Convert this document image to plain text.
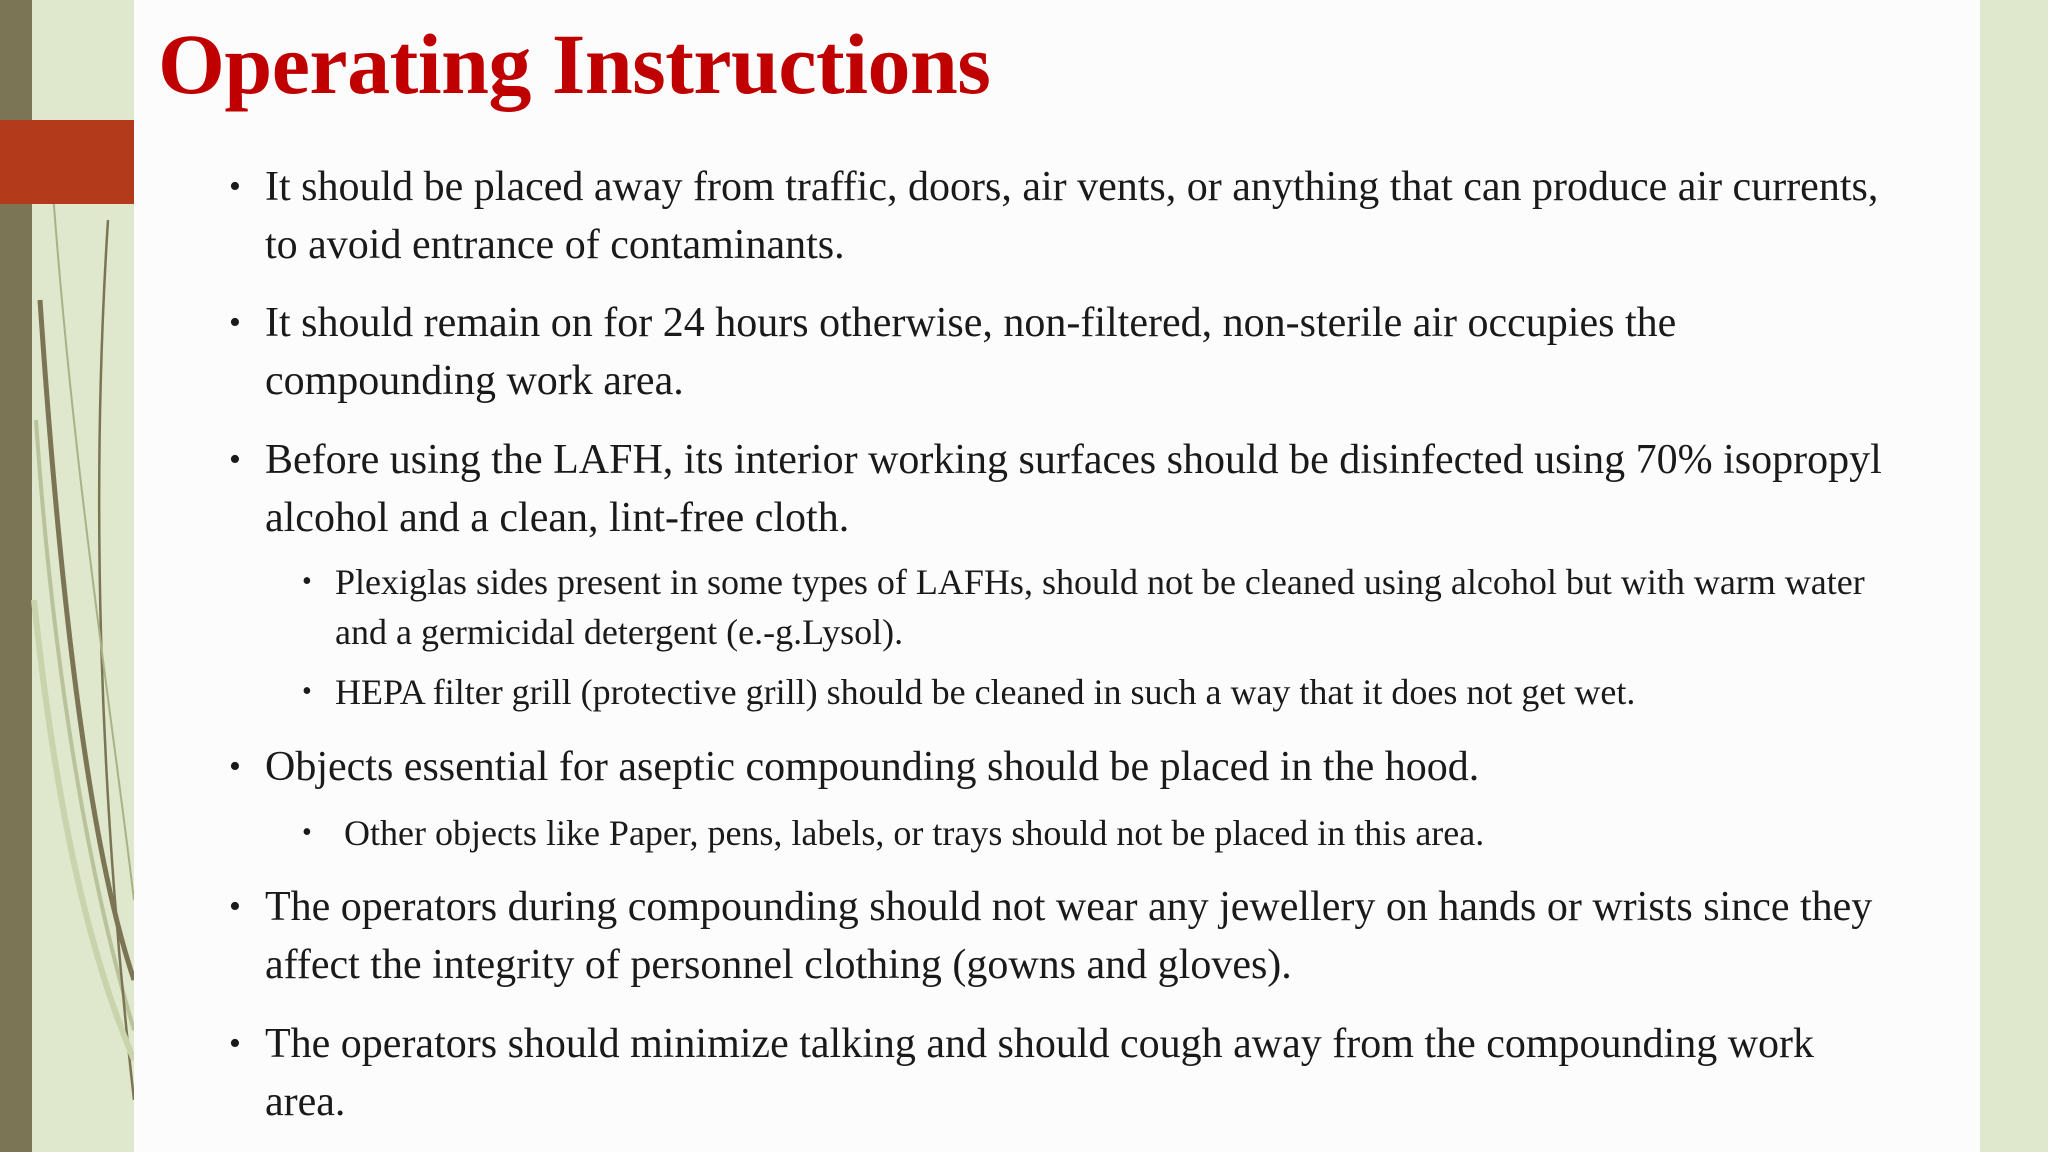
Operating Instructions
• It should be placed away from traffic, doors, air vents, or anything that can produce air currents,
to avoid entrance of contaminants.
• It should remain on for 24 hours otherwise, non-filtered, non-sterile air occupies the
compounding work area.
• Before using the LAFH, its interior working surfaces should be disinfected using 70% isopropyl
alcohol and a clean, lint-free cloth.
• Plexiglas sides present in some types of LAFHs, should not be cleaned using alcohol but with warm water
and a germicidal detergent (e.-g.Lysol).
• HEPA filter grill (protective grill) should be cleaned in such a way that it does not get wet.
• Objects essential for aseptic compounding should be placed in the hood.
• Other objects like Paper, pens, labels, or trays should not be placed in this area.
• The operators during compounding should not wear any jewellery on hands or wrists since they
affect the integrity of personnel clothing (gowns and gloves).
• The operators should minimize talking and should cough away from the compounding work
area.
